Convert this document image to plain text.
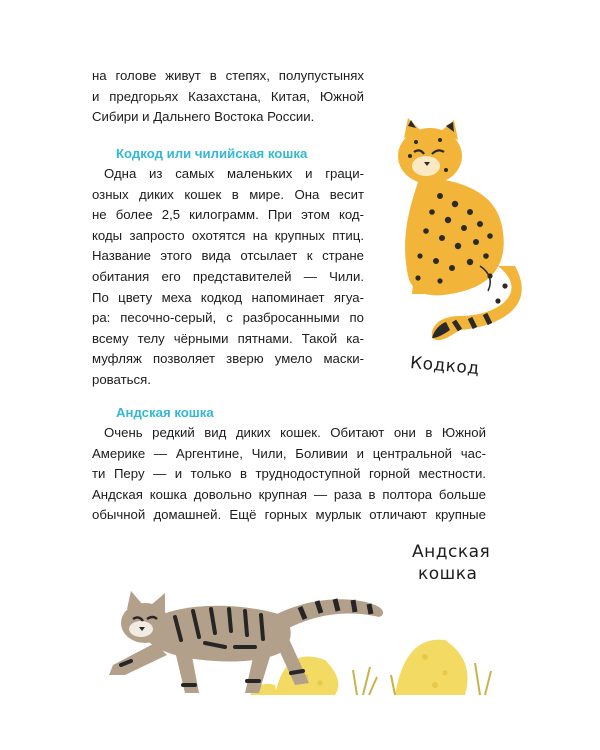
на голове живут в степях, полупустынях
и предгорьях Казахстана, Китая, Южной
Сибири и Дальнего Востока России.

Кодкод или чилийская кошка

Одна из самых маленьких и граци-
озных диких кошек в мире. Она весит
не более 2,5 килограмм. При этом код-
коды запросто охотятся на крупных птиц.
Название этого вида отсылает к стране
обитания его представителей — Чили.
По цвету меха кодкод напоминает ягуа-
ра: песочно-серый, с разбросанными по
всему телу чёрными пятнами. Такой ка-
муфляж позволяет зверю умело маски-
роваться.

Кодкод

Андская кошка

Очень редкий вид диких кошек. Обитают они в Южной
Америке — Аргентине, Чили, Боливии и центральной час-
ти Перу — и только в труднодоступной горной местности.
Андская кошка довольно крупная — раза в полтора больше
обычной домашней. Ещё горных мурлык отличают крупные

Андская
кошка
